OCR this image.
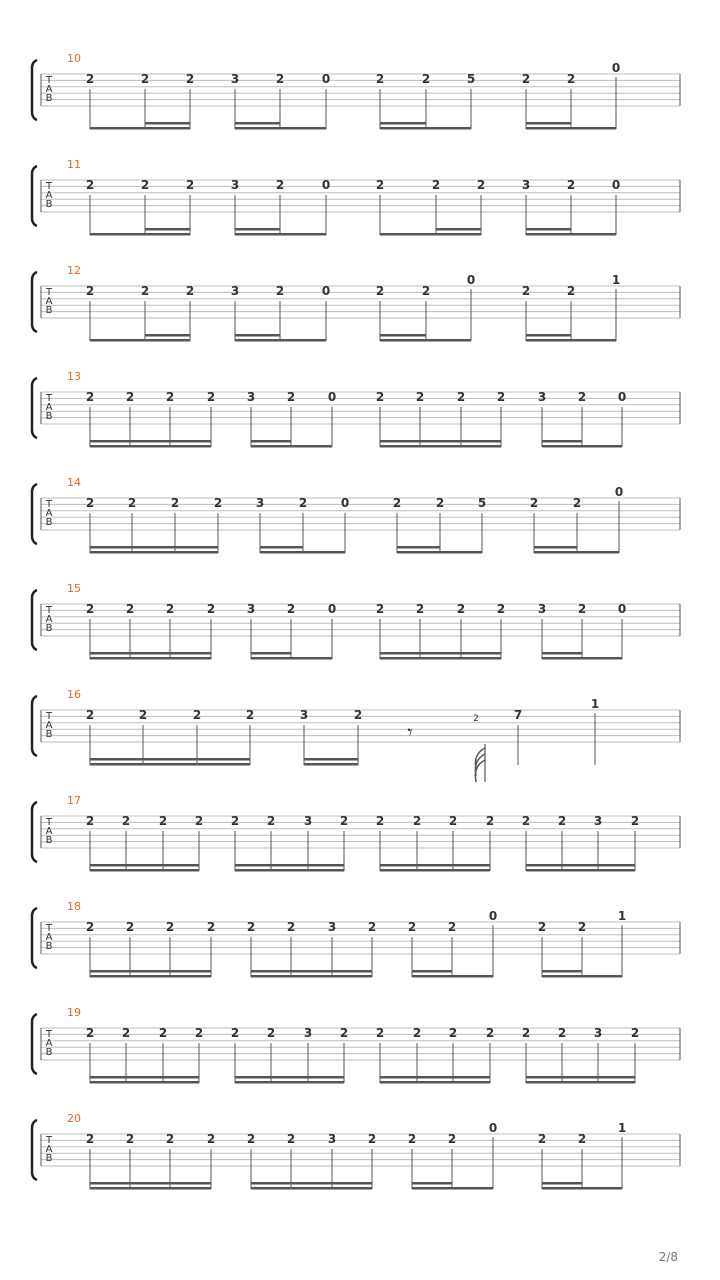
10
T
A
B
2	2	2	3	2	0	2	2	5	2	2
0
11
T
A
B
2	2	2	3	2	0	2	2	2	3	2	0
12
T
A
B
2	2	2	3	2	0	2	2
0
2	2
1
13
T
A
B
2	2	2	2	3	2	0	2	2	2	2	3	2	0
14
T
A
B
2	2	2	2	3	2	0	2	2	5	2	2
0
15
T
A
B
2	2	2	2	3	2	0	2	2	2	2	3	2	0
16
T
A
B
2	2	2	2	3	2	2	7
1
𝄾
17
T
A
B
2 2 2 2 2 2 3 2 2 2 2 2 2 2 3 2
18
T
A
B
2	2	2	2	2	2	3	2	2	2
0
2	2
1
19
T
A
B
2 2 2 2 2 2 3 2 2 2 2 2 2 2 3 2
20
T
A
B
2	2	2	2	2	2	3	2	2	2
0
2	2
1
2/8
